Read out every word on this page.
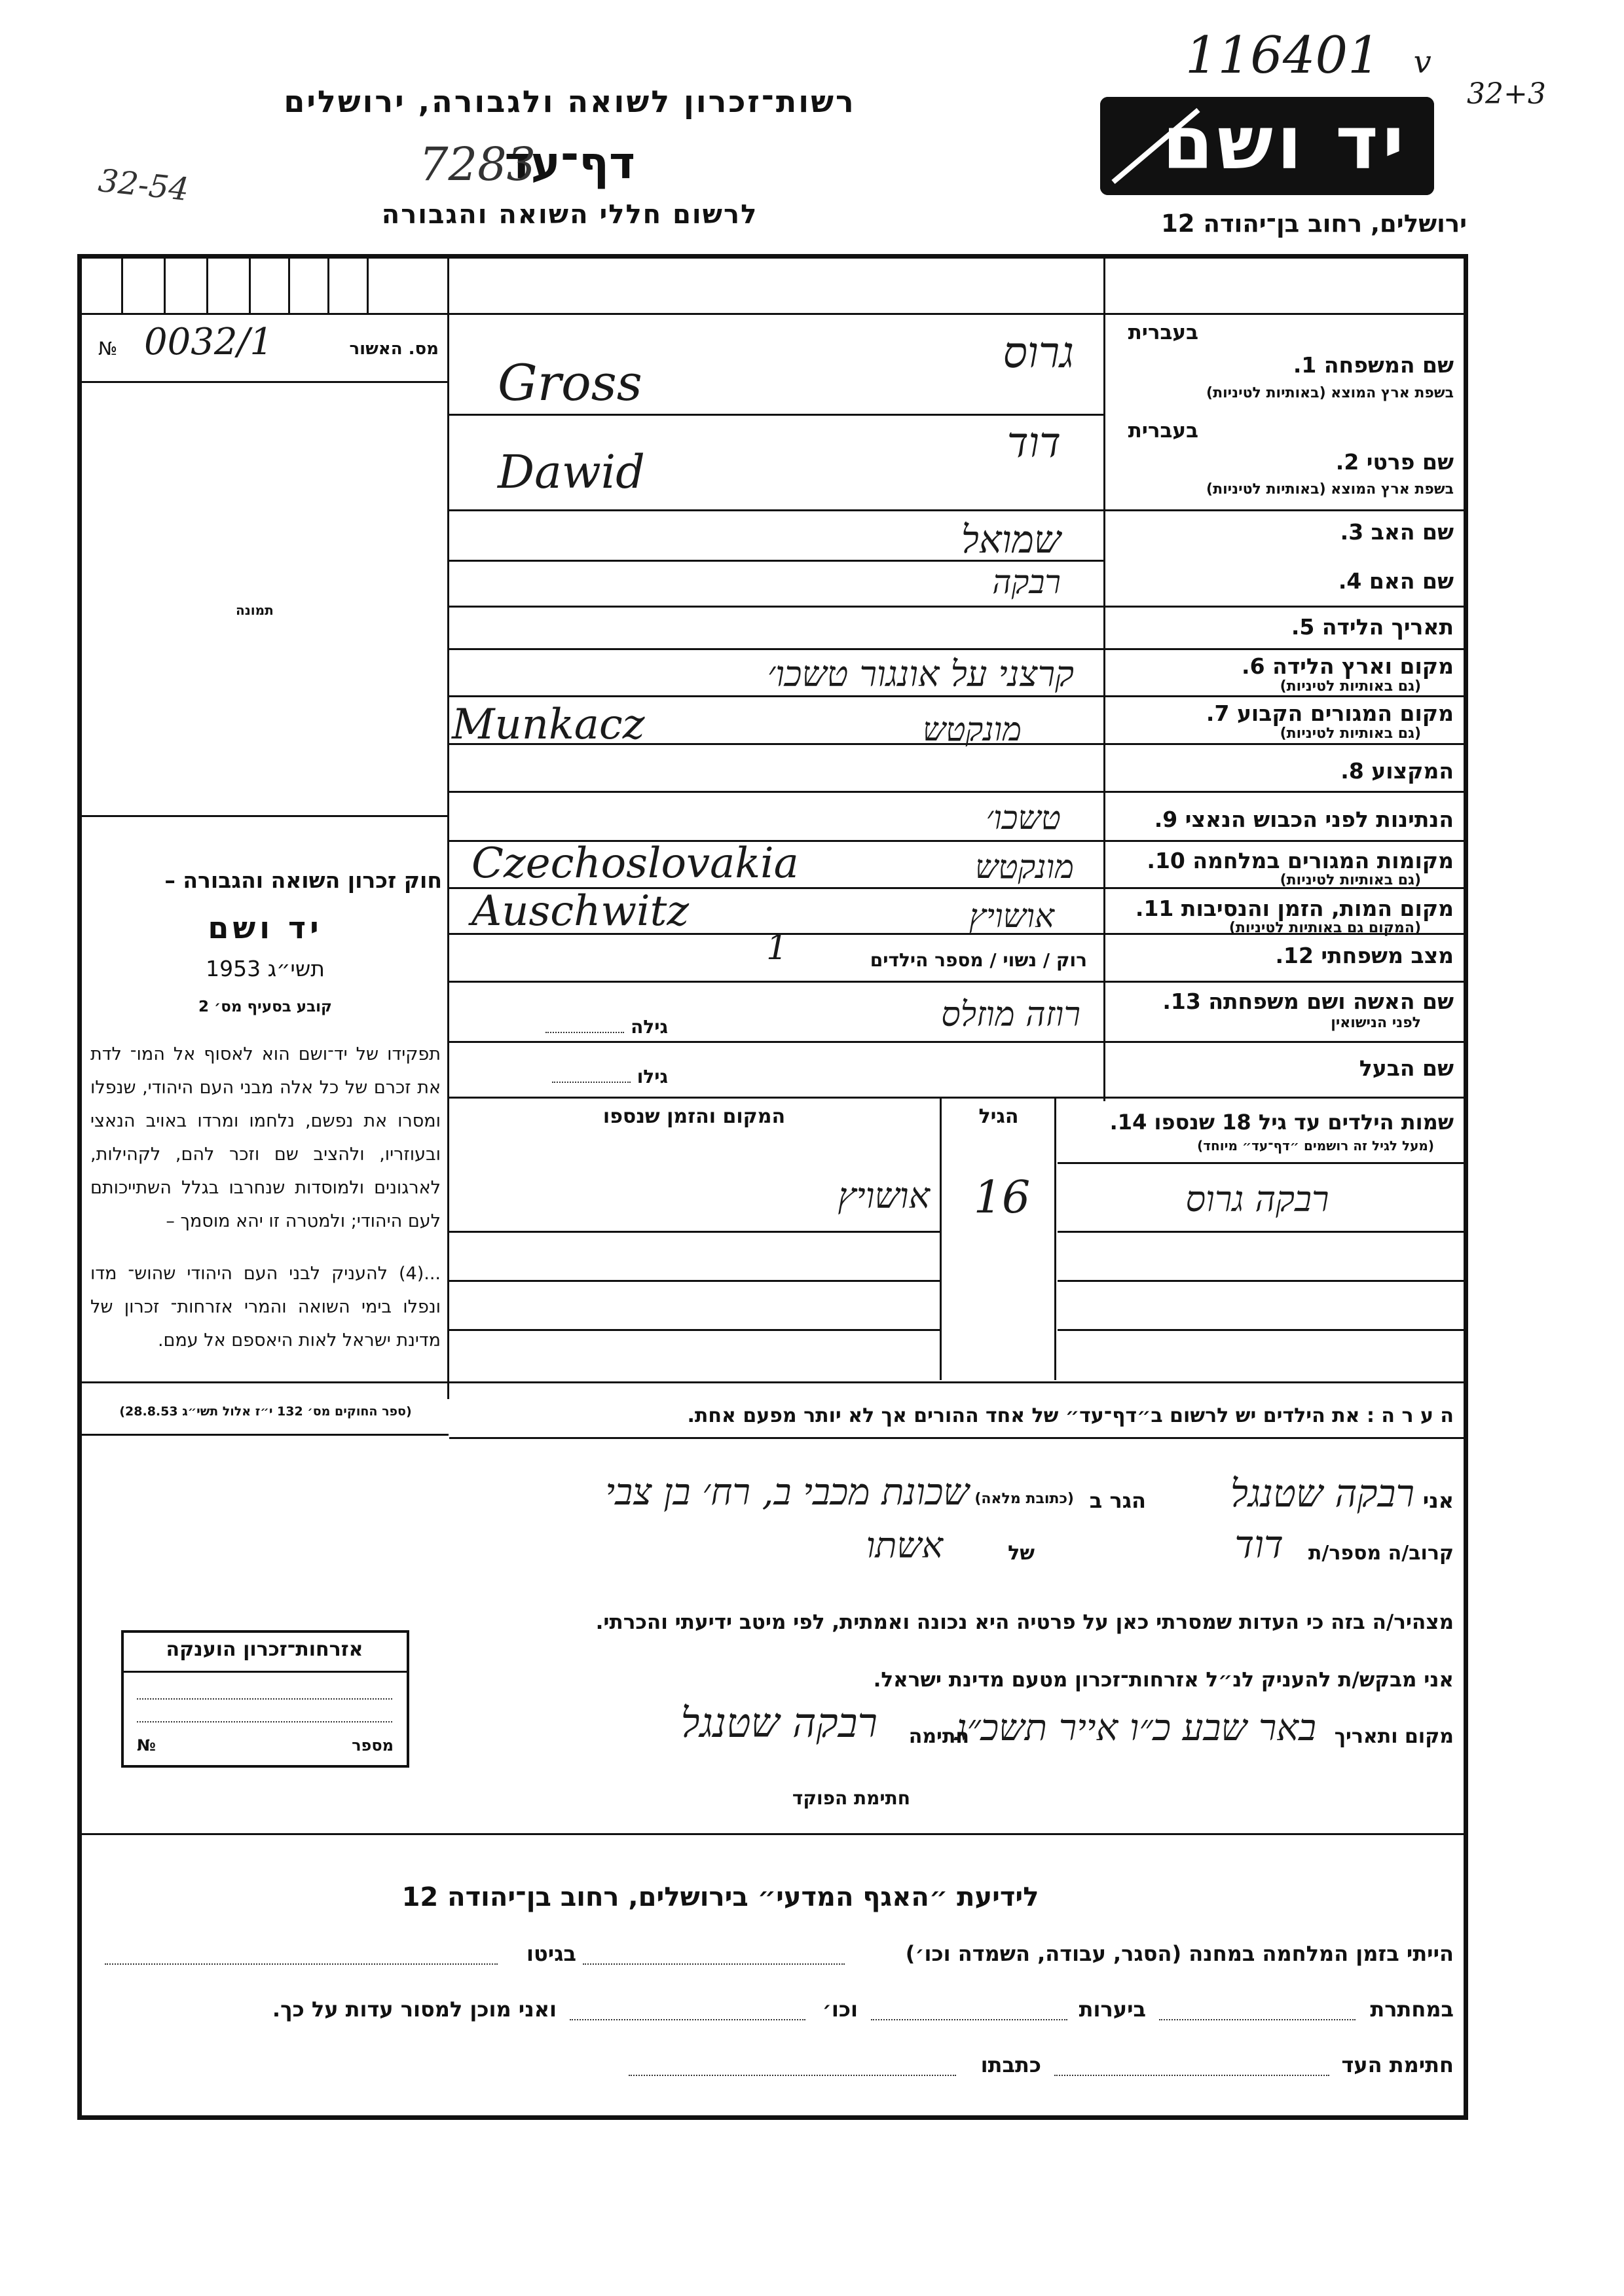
רשות־זכרון לשואה ולגבורה, ירושלים
דף־עד
7283
32-54
לרשום חללי השואה והגבורה
116401 v
32+3
יד ושם
ירושלים, רחוב בן־יהודה 12
№ 0032/1	מס. האשור
תמונה
חוק זכרון השואה והגבורה –
יד ושם
תשי״ג 1953
קובע בסעיף מס׳ 2
תפקידו של יד־ושם הוא לאסוף אל המו־ לדת את זכרם של כל אלה מבני העם היהודי, שנפלו ומסרו את נפשם, נלחמו ומרדו באויב הנאצי ובעוזריו, ולהציב שם וזכר להם, לקהילות, לארגונים ולמוסדות שנחרבו בגלל השתייכותם לעם היהודי; ולמטרה זו יהא מוסמך –
...(4) להעניק לבני העם היהודי שהוש־ מדו ונפלו בימי השואה והמרי אזרחות־ זכרון של מדינת ישראל לאות היאספם אל עמם.
(ספר החוקים מס׳ 132 י״ז אלול תשי״ג 28.8.53)
בעברית
שם המשפחה 1.
בשפת ארץ המוצא (באותיות לטיניות)
גרוס
Gross
בעברית
שם פרטי 2.
בשפת ארץ המוצא (באותיות לטיניות)
דוד
Dawid
שם האב 3.
שמואל
שם האם 4.
רבקה
תאריך הלידה 5.
מקום וארץ הלידה 6.
(גם באותיות לטיניות)
קרצני על אונגור טשכו׳
מקום המגורים הקבוע 7.
(גם באותיות לטיניות)
מונקטש
Munkacz
המקצוע 8.
הנתינות לפני הכבוש הנאצי 9.
טשכו׳
מקומות המגורים במלחמה 10.
(גם באותיות לטיניות)
מונקטש
Czechoslovakia
מקום המות, הזמן והנסיבות 11.
(המקום גם באותיות לטיניות)
אושויץ
Auschwitz
מצב משפחתי 12.
רוק / נשוי / מספר הילדים
1
שם האשה ושם משפחתה 13.
לפני הנישואין
רוזה מוזלס
גילה
שם הבעל
גילו
שמות הילדים עד גיל 18 שנספו 14.
(מעל לגיל זה רושמים ״דף־עד״ מיוחד)
הגיל
המקום והזמן שנספו
רבקה גרוס
16
אושויץ
ה ע ר ה : את הילדים יש לרשום ב״דף־עד״ של אחד ההורים אך לא יותר מפעם אחת.
אני
רבקה שטנגל
הגר ב
(כתובת מלאה)
שכונת מכבי ב, רח׳ בן צבי
קרוב/ה מספר/ת
דוד
של
אשתו
מצהיר/ה בזה כי העדות שמסרתי כאן על פרטיה היא נכונה ואמתית, לפי מיטב ידיעתי והכרתי.
אני מבקש/ת להעניק לנ״ל אזרחות־זכרון מטעם מדינת ישראל.
מקום ותאריך
באר שבע כ״ו אייר תשכ״ג
חתימה
רבקה שטנגל
חתימת הפוקד
אזרחות־זכרון הוענקה
№	מספר
לידיעת ״האגף המדעי״ בירושלים, רחוב בן־יהודה 12
הייתי בזמן המלחמה במחנה (הסגר, עבודה, השמדה וכו׳)
בגיטו
במחתרת
ביערות
וכו׳
ואני מוכן למסור עדות על כך.
חתימת העד
כתבתו
